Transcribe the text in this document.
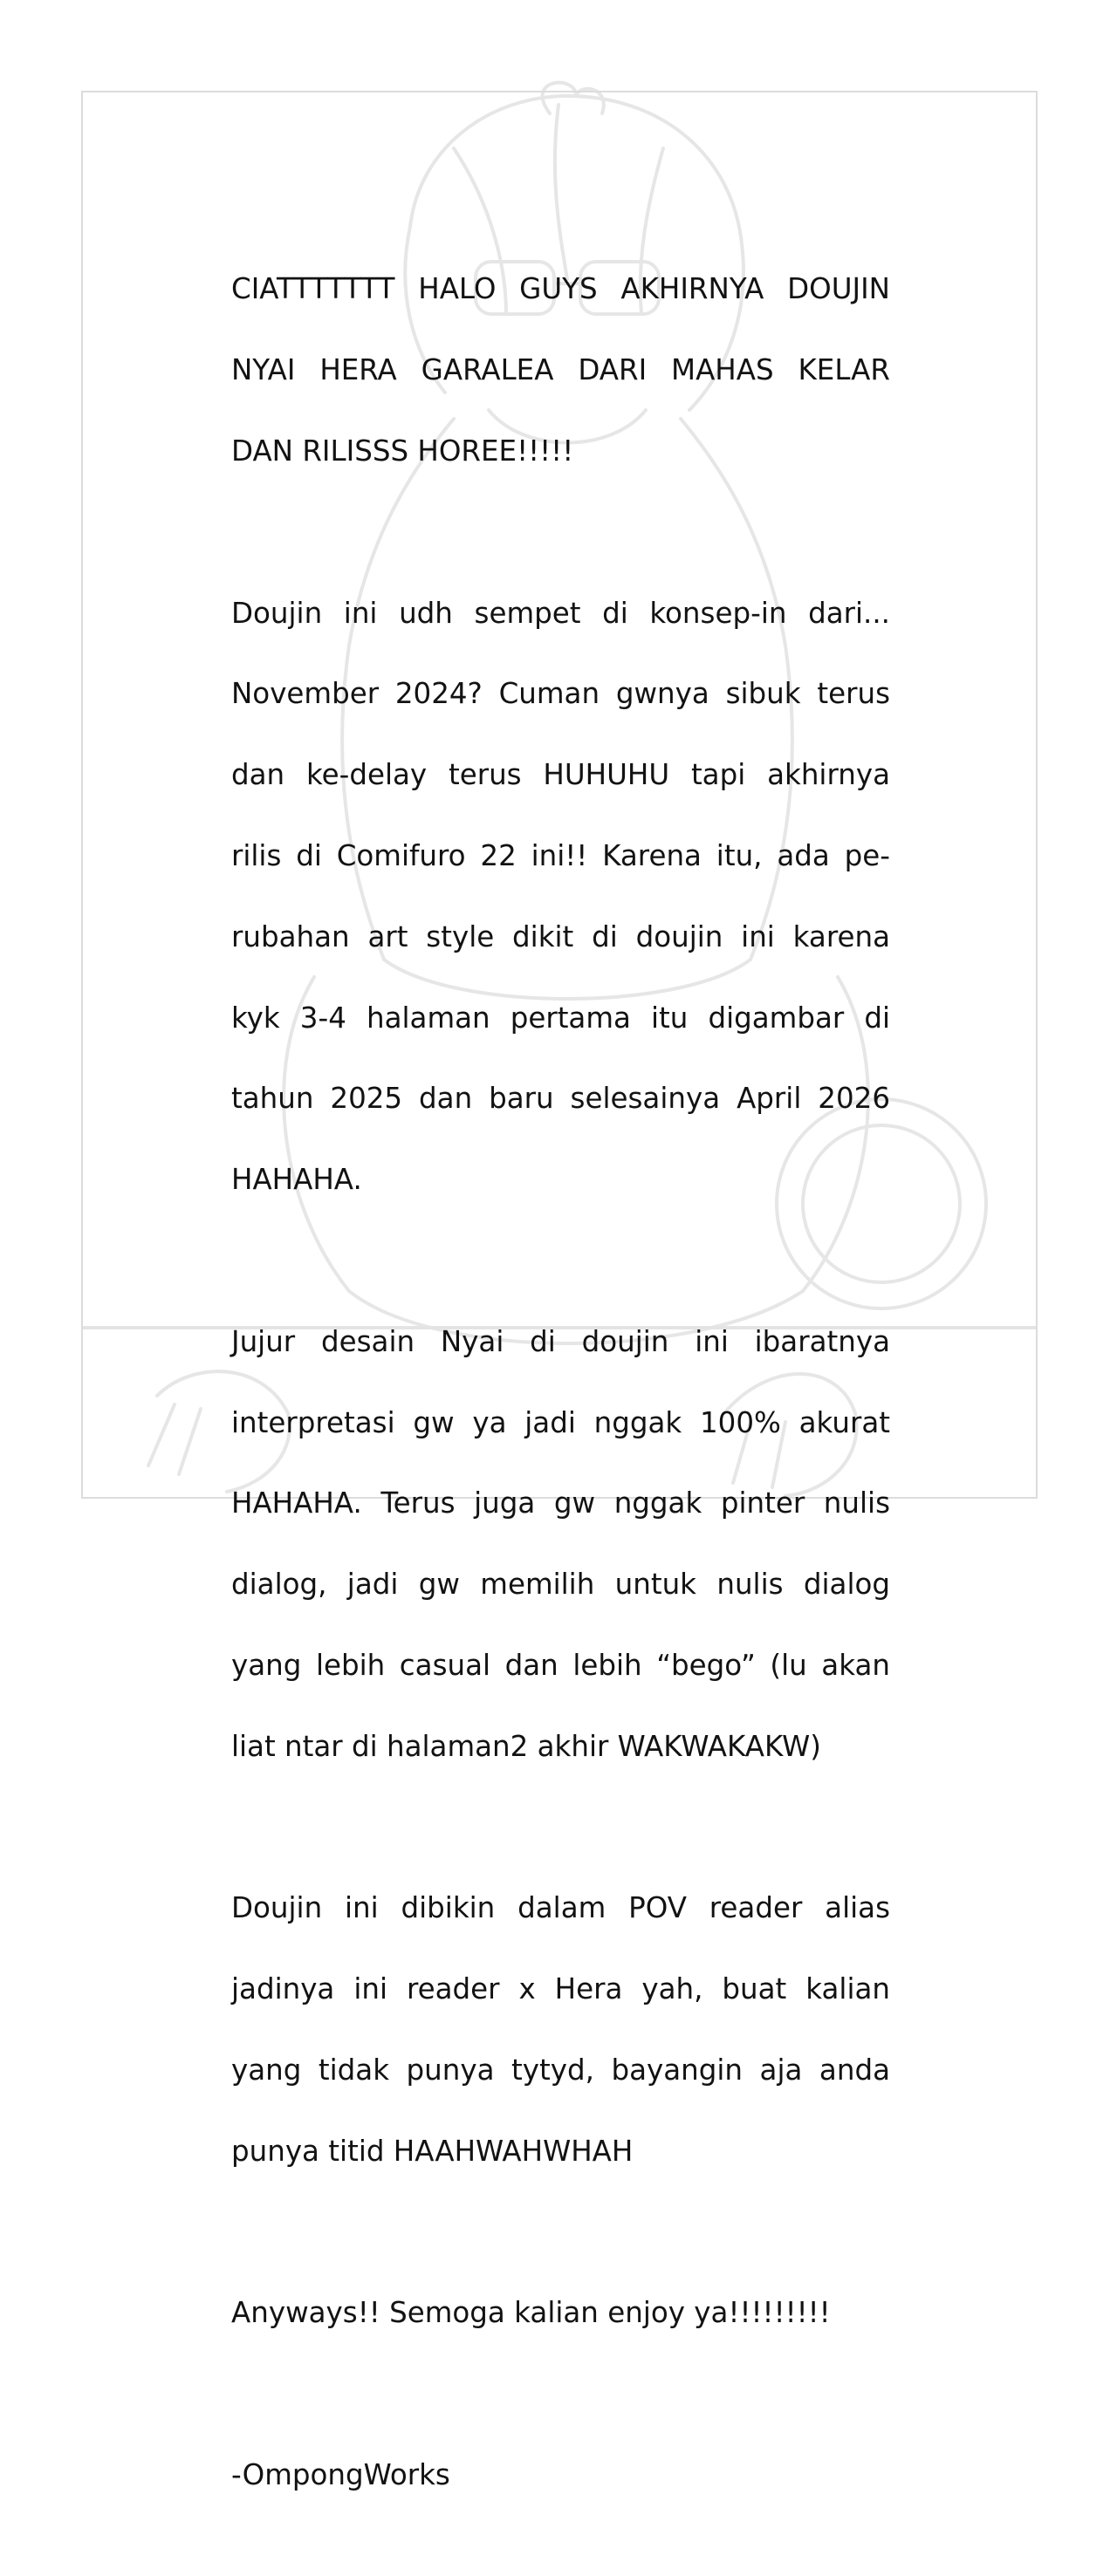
CIATTTTTTT HALO GUYS AKHIRNYA DOUJIN

NYAI HERA GARALEA DARI MAHAS KELAR

DAN RILISSS HOREE!!!!!

Doujin ini udh sempet di konsep-in dari...

November 2024? Cuman gwnya sibuk terus

dan ke-delay terus HUHUHU tapi akhirnya

rilis di Comifuro 22 ini!! Karena itu, ada pe-

rubahan art style dikit di doujin ini karena

kyk 3-4 halaman pertama itu digambar di

tahun 2025 dan baru selesainya April 2026

HAHAHA.

Jujur desain Nyai di doujin ini ibaratnya

interpretasi gw ya jadi nggak 100% akurat

HAHAHA. Terus juga gw nggak pinter nulis

dialog, jadi gw memilih untuk nulis dialog

yang lebih casual dan lebih “bego” (lu akan

liat ntar di halaman2 akhir WAKWAKAKW)

Doujin ini dibikin dalam POV reader alias

jadinya ini reader x Hera yah, buat kalian

yang tidak punya tytyd, bayangin aja anda

punya titid HAAHWAHWHAH

Anyways!! Semoga kalian enjoy ya!!!!!!!!!

-OmpongWorks
